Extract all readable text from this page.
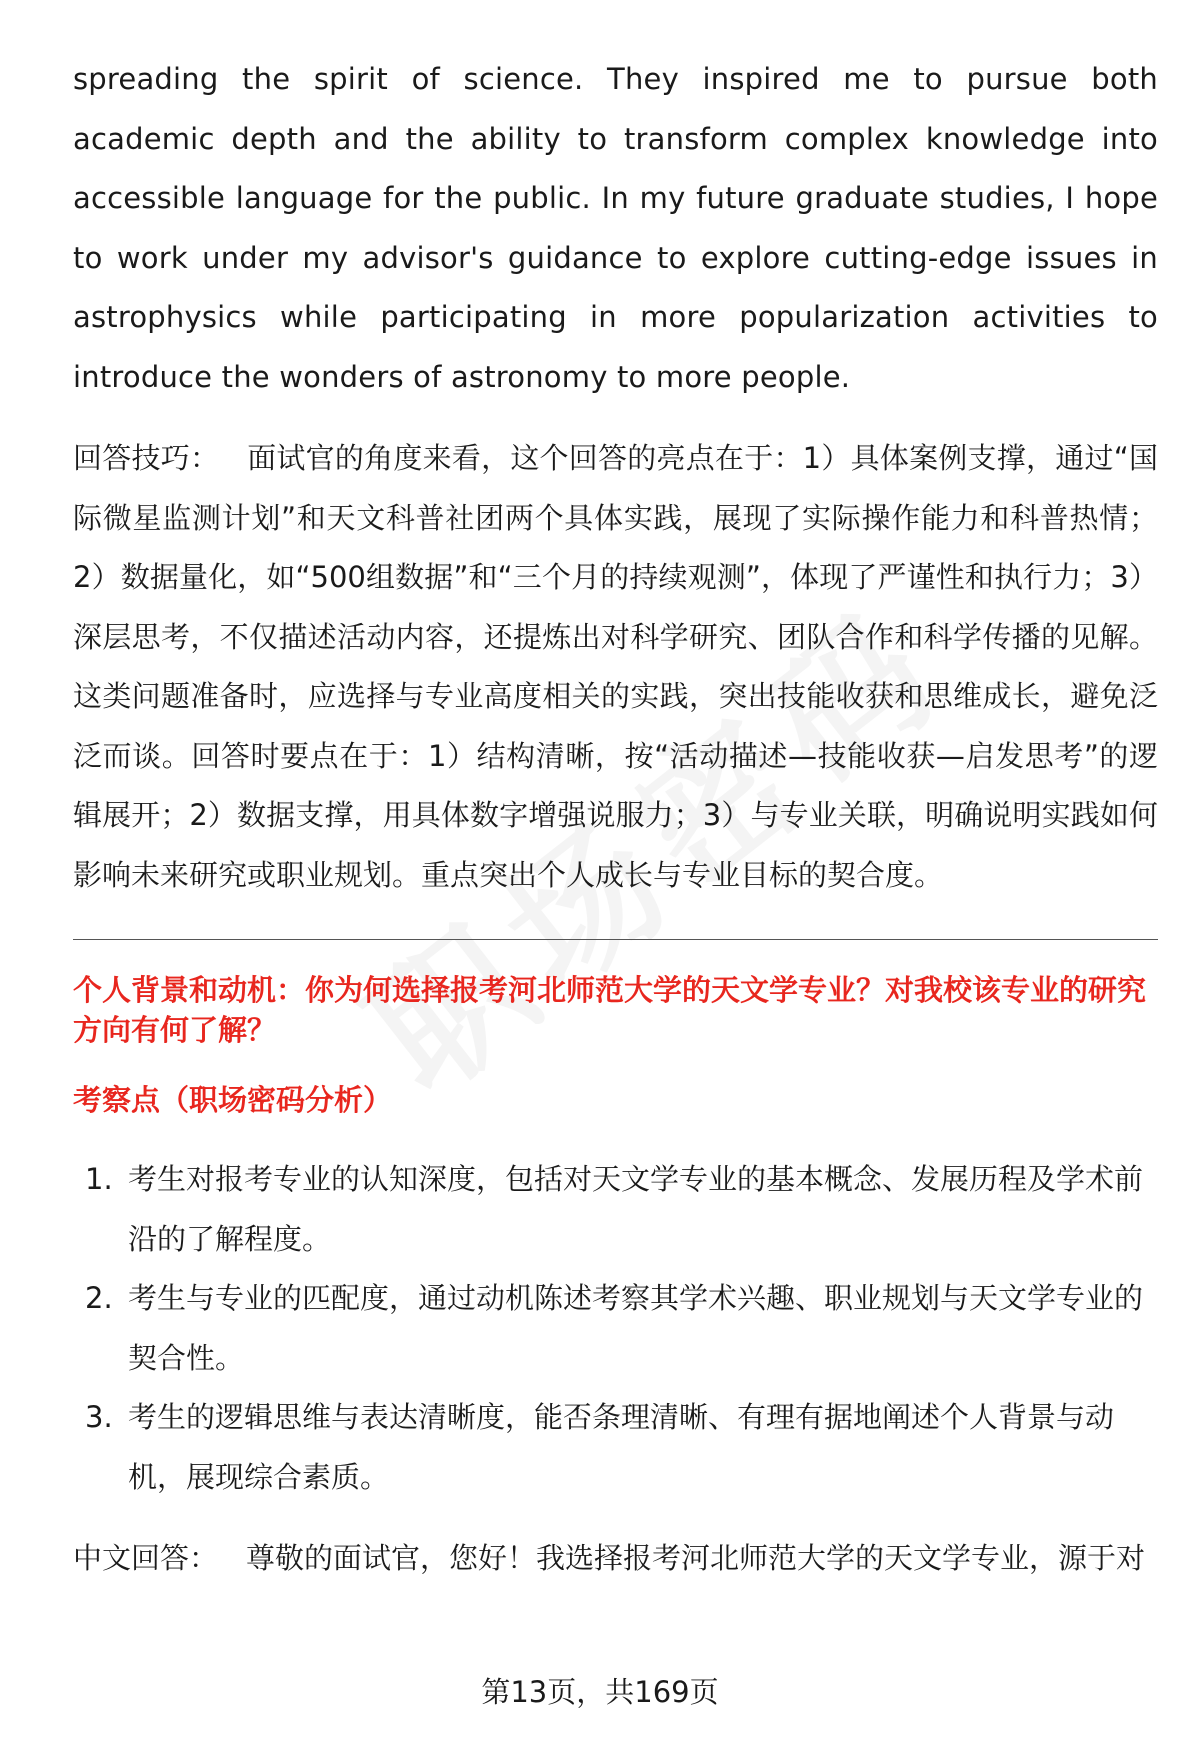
spreading the spirit of science. They inspired me to pursue both academic depth and the ability to transform complex knowledge into accessible language for the public. In my future graduate studies, I hope to work under my advisor's guidance to explore cutting-edge issues in astrophysics while participating in more popularization activities to introduce the wonders of astronomy to more people.

回答技巧： 面试官的角度来看，这个回答的亮点在于：1）具体案例支撑，通过“国际微星监测计划”和天文科普社团两个具体实践，展现了实际操作能力和科普热情；2）数据量化，如“500组数据”和“三个月的持续观测”，体现了严谨性和执行力；3）深层思考，不仅描述活动内容，还提炼出对科学研究、团队合作和科学传播的见解。这类问题准备时，应选择与专业高度相关的实践，突出技能收获和思维成长，避免泛泛而谈。回答时要点在于：1）结构清晰，按“活动描述—技能收获—启发思考”的逻辑展开；2）数据支撑，用具体数字增强说服力；3）与专业关联，明确说明实践如何影响未来研究或职业规划。重点突出个人成长与专业目标的契合度。

个人背景和动机：你为何选择报考河北师范大学的天文学专业？对我校该专业的研究方向有何了解？
考察点（职场密码分析）
1. 考生对报考专业的认知深度，包括对天文学专业的基本概念、发展历程及学术前沿的了解程度。
2. 考生与专业的匹配度，通过动机陈述考察其学术兴趣、职业规划与天文学专业的契合性。
3. 考生的逻辑思维与表达清晰度，能否条理清晰、有理有据地阐述个人背景与动机，展现综合素质。

中文回答： 尊敬的面试官，您好！我选择报考河北师范大学的天文学专业，源于对

第13页，共169页
